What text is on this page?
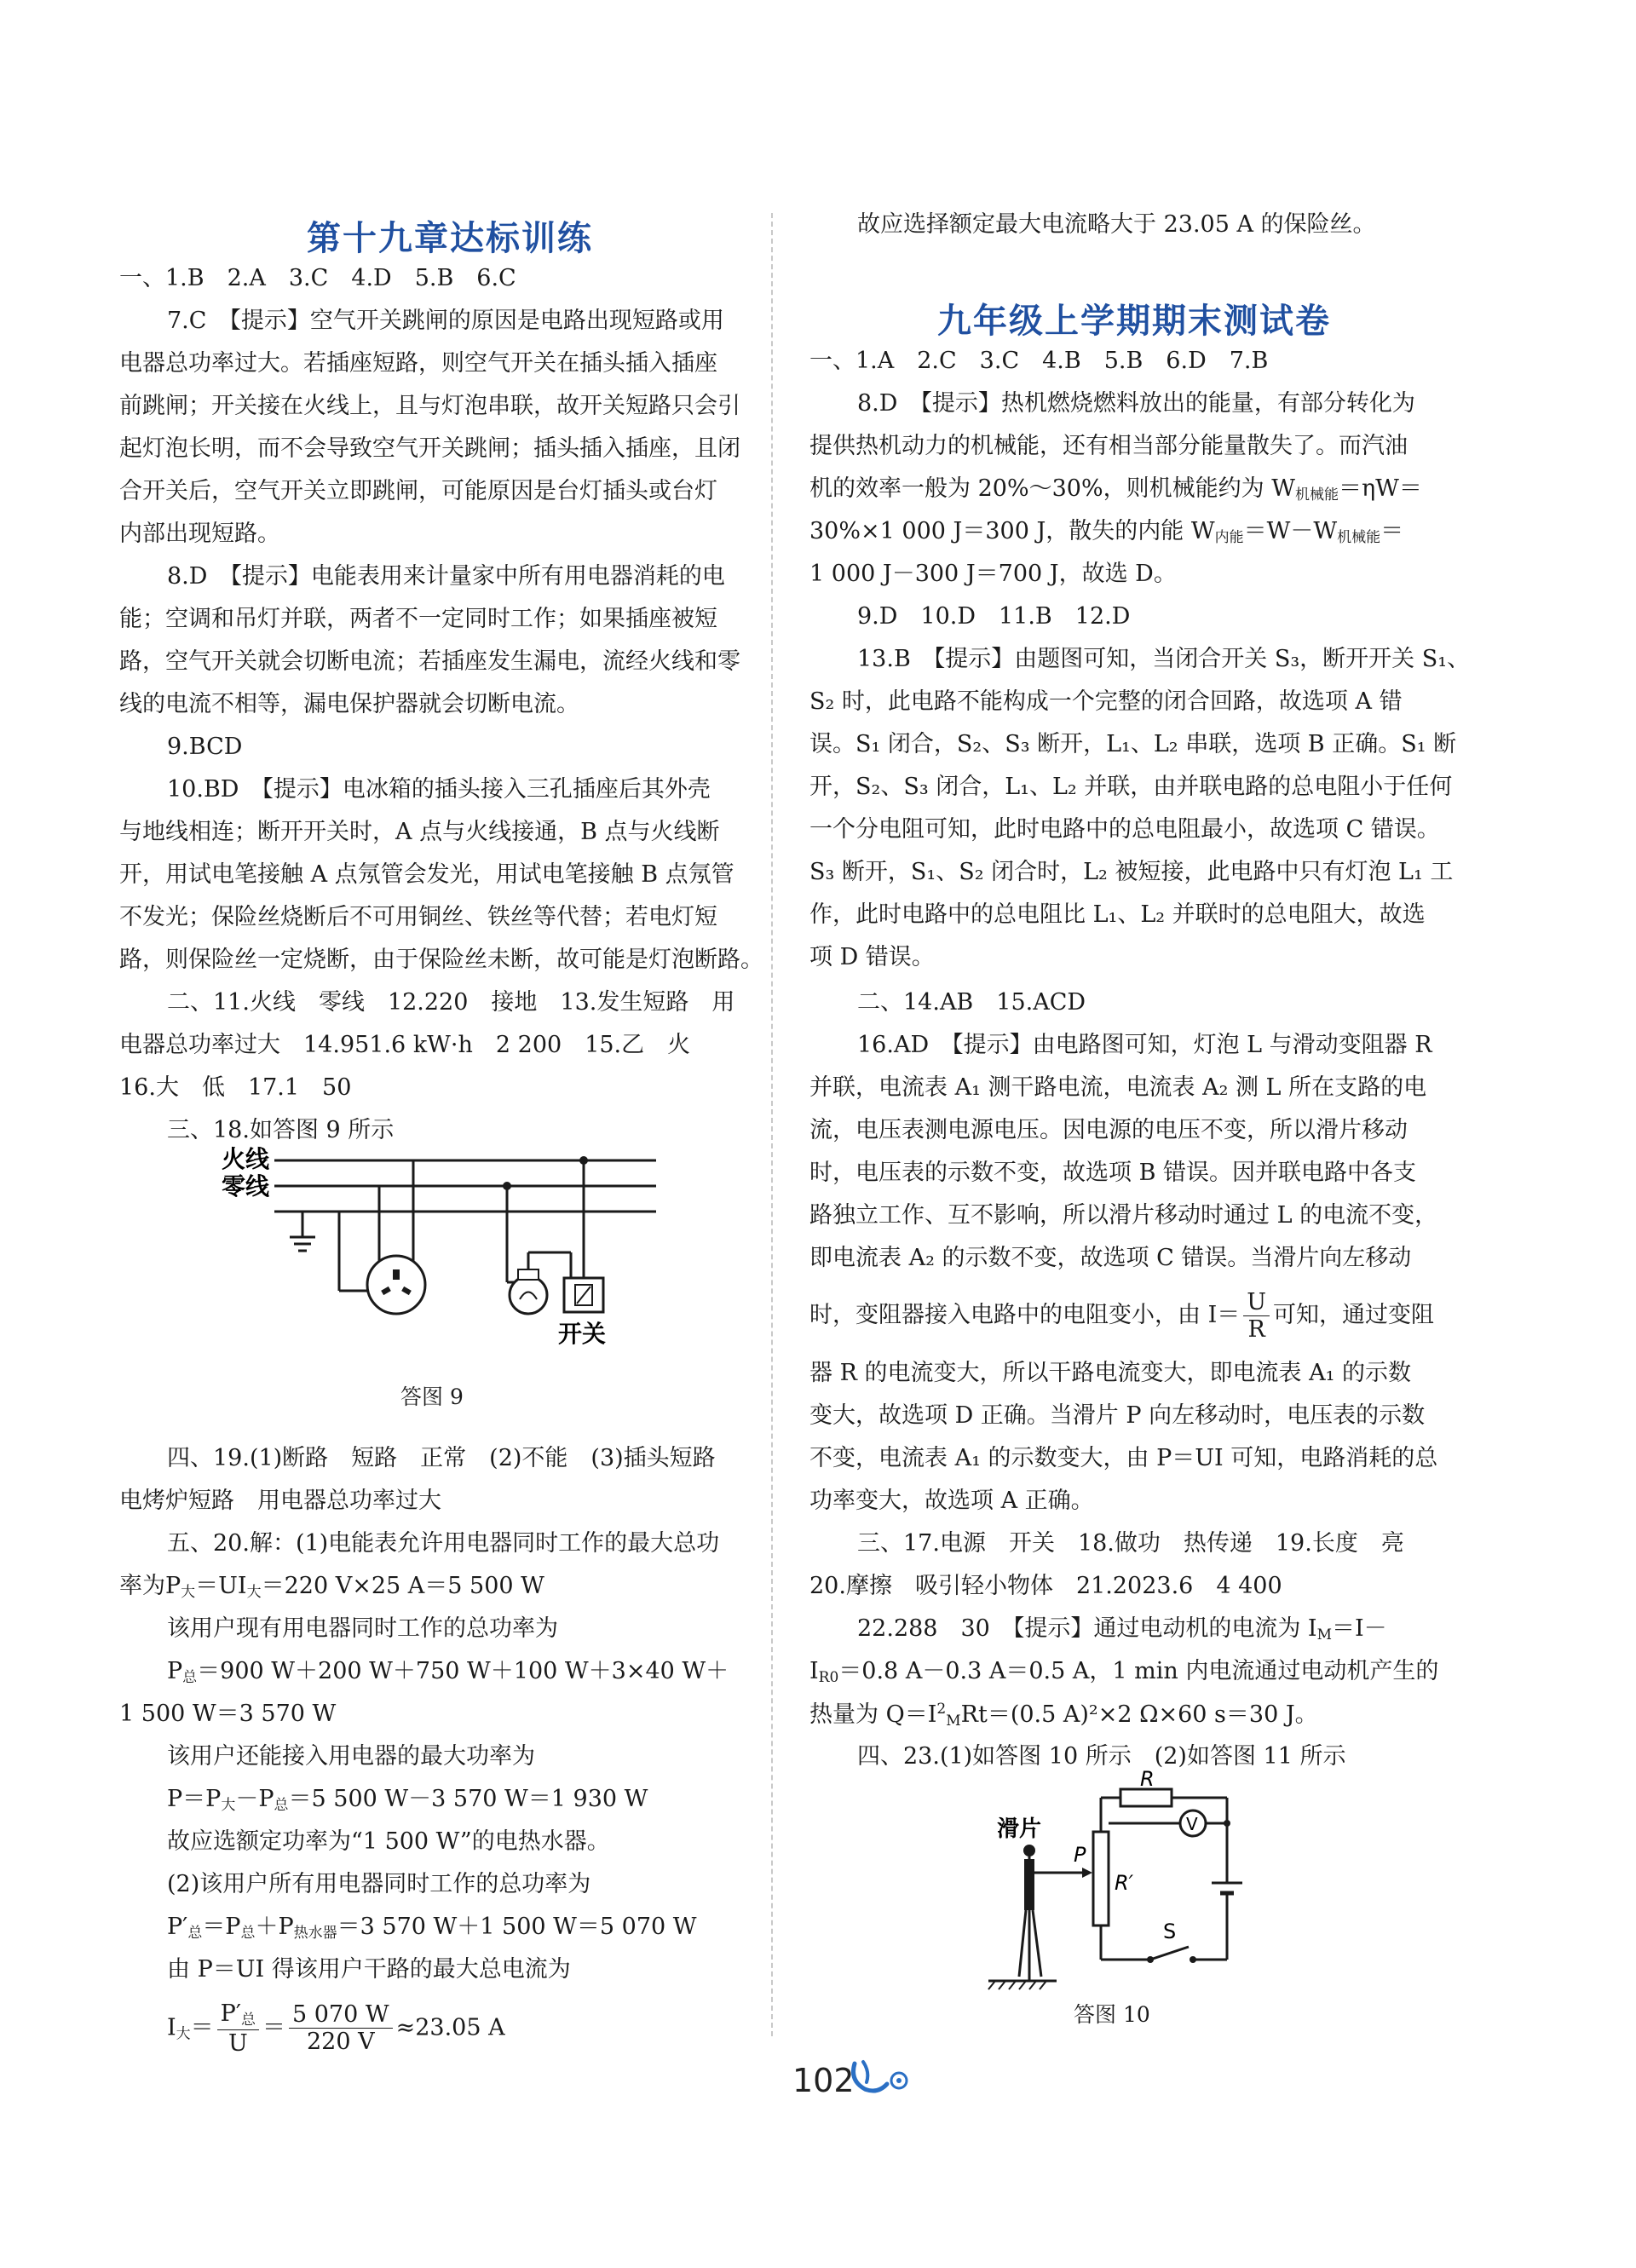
第十九章达标训练
一、1.B　2.A　3.C　4.D　5.B　6.C
7.C　【提示】空气开关跳闸的原因是电路出现短路或用
电器总功率过大。若插座短路，则空气开关在插头插入插座
前跳闸；开关接在火线上，且与灯泡串联，故开关短路只会引
起灯泡长明，而不会导致空气开关跳闸；插头插入插座，且闭
合开关后，空气开关立即跳闸，可能原因是台灯插头或台灯
内部出现短路。
8.D　【提示】电能表用来计量家中所有用电器消耗的电
能；空调和吊灯并联，两者不一定同时工作；如果插座被短
路，空气开关就会切断电流；若插座发生漏电，流经火线和零
线的电流不相等，漏电保护器就会切断电流。
9.BCD
10.BD　【提示】电冰箱的插头接入三孔插座后其外壳
与地线相连；断开开关时，A 点与火线接通，B 点与火线断
开，用试电笔接触 A 点氖管会发光，用试电笔接触 B 点氖管
不发光；保险丝烧断后不可用铜丝、铁丝等代替；若电灯短
路，则保险丝一定烧断，由于保险丝未断，故可能是灯泡断路。
二、11.火线　零线　12.220　接地　13.发生短路　用
电器总功率过大　14.951.6 kW·h　2 200　15.乙　火
16.大　低　17.1　50
三、18.如答图 9 所示
火线
零线
开关
答图 9
四、19.(1)断路　短路　正常　(2)不能　(3)插头短路
电烤炉短路　用电器总功率过大
五、20.解：(1)电能表允许用电器同时工作的最大总功
率为$P_大=UI_大=220$ V×25 A＝5 500 W
该用户现有用电器同时工作的总功率为
$P_总=900$ W＋200 W＋750 W＋100 W＋3×40 W＋
1 500 W＝3 570 W
该用户还能接入用电器的最大功率为
$P=P_大-P_总=5$ 500 W－3 570 W＝1 930 W
故应选额定功率为“1 500 W”的电热水器。
(2)该用户所有用电器同时工作的总功率为
$P'_总=P_总+P_{热水器}=3$ 570 W＋1 500 W＝5 070 W
由 P＝UI 得该用户干路的最大总电流为
$I_大= \frac{P'_总}{U} = \frac{5 070 W}{220 V} \approx 23.05$ A
故应选择额定最大电流略大于 23.05 A 的保险丝。
九年级上学期期末测试卷
一、1.A　2.C　3.C　4.B　5.B　6.D　7.B
8.D　【提示】热机燃烧燃料放出的能量，有部分转化为
提供热机动力的机械能，还有相当部分能量散失了。而汽油
机的效率一般为 20%～30%，则机械能约为 $W_{机械能}=\eta W=$
30%×1 000 J＝300 J，散失的内能 $W_{内能}=W-W_{机械能}=$
1 000 J－300 J＝700 J，故选 D。
9.D　10.D　11.B　12.D
13.B　【提示】由题图可知，当闭合开关 S₃，断开开关 S₁、
S₂ 时，此电路不能构成一个完整的闭合回路，故选项 A 错
误。S₁ 闭合，S₂、S₃ 断开，L₁、L₂ 串联，选项 B 正确。S₁ 断
开，S₂、S₃ 闭合，L₁、L₂ 并联，由并联电路的总电阻小于任何
一个分电阻可知，此时电路中的总电阻最小，故选项 C 错误。
S₃ 断开，S₁、S₂ 闭合时，L₂ 被短接，此电路中只有灯泡 L₁ 工
作，此时电路中的总电阻比 L₁、L₂ 并联时的总电阻大，故选
项 D 错误。
二、14.AB　15.ACD
16.AD　【提示】由电路图可知，灯泡 L 与滑动变阻器 R
并联，电流表 A₁ 测干路电流，电流表 A₂ 测 L 所在支路的电
流，电压表测电源电压。因电源的电压不变，所以滑片移动
时，电压表的示数不变，故选项 B 错误。因并联电路中各支
路独立工作、互不影响，所以滑片移动时通过 L 的电流不变，
即电流表 A₂ 的示数不变，故选项 C 错误。当滑片向左移动
时，变阻器接入电路中的电阻变小，由 $I= \frac{U}{R}$ 可知，通过变阻
器 R 的电流变大，所以干路电流变大，即电流表 A₁ 的示数
变大，故选项 D 正确。当滑片 P 向左移动时，电压表的示数
不变，电流表 A₁ 的示数变大，由 P＝UI 可知，电路消耗的总
功率变大，故选项 A 正确。
三、17.电源　开关　18.做功　热传递　19.长度　亮
20.摩擦　吸引轻小物体　21.2023.6　4 400
22.288　30　【提示】通过电动机的电流为 $I_M=I-$
$I_{R0}=0.8$ A－0.3 A＝0.5 A，1 min 内电流通过电动机产生的
热量为 $Q=I^2_MRt=(0.5$ A)²×2 Ω×60 s＝30 J。
四、23.(1)如答图 10 所示　(2)如答图 11 所示
滑片
P
R′
R
S
V
答图 10
102
